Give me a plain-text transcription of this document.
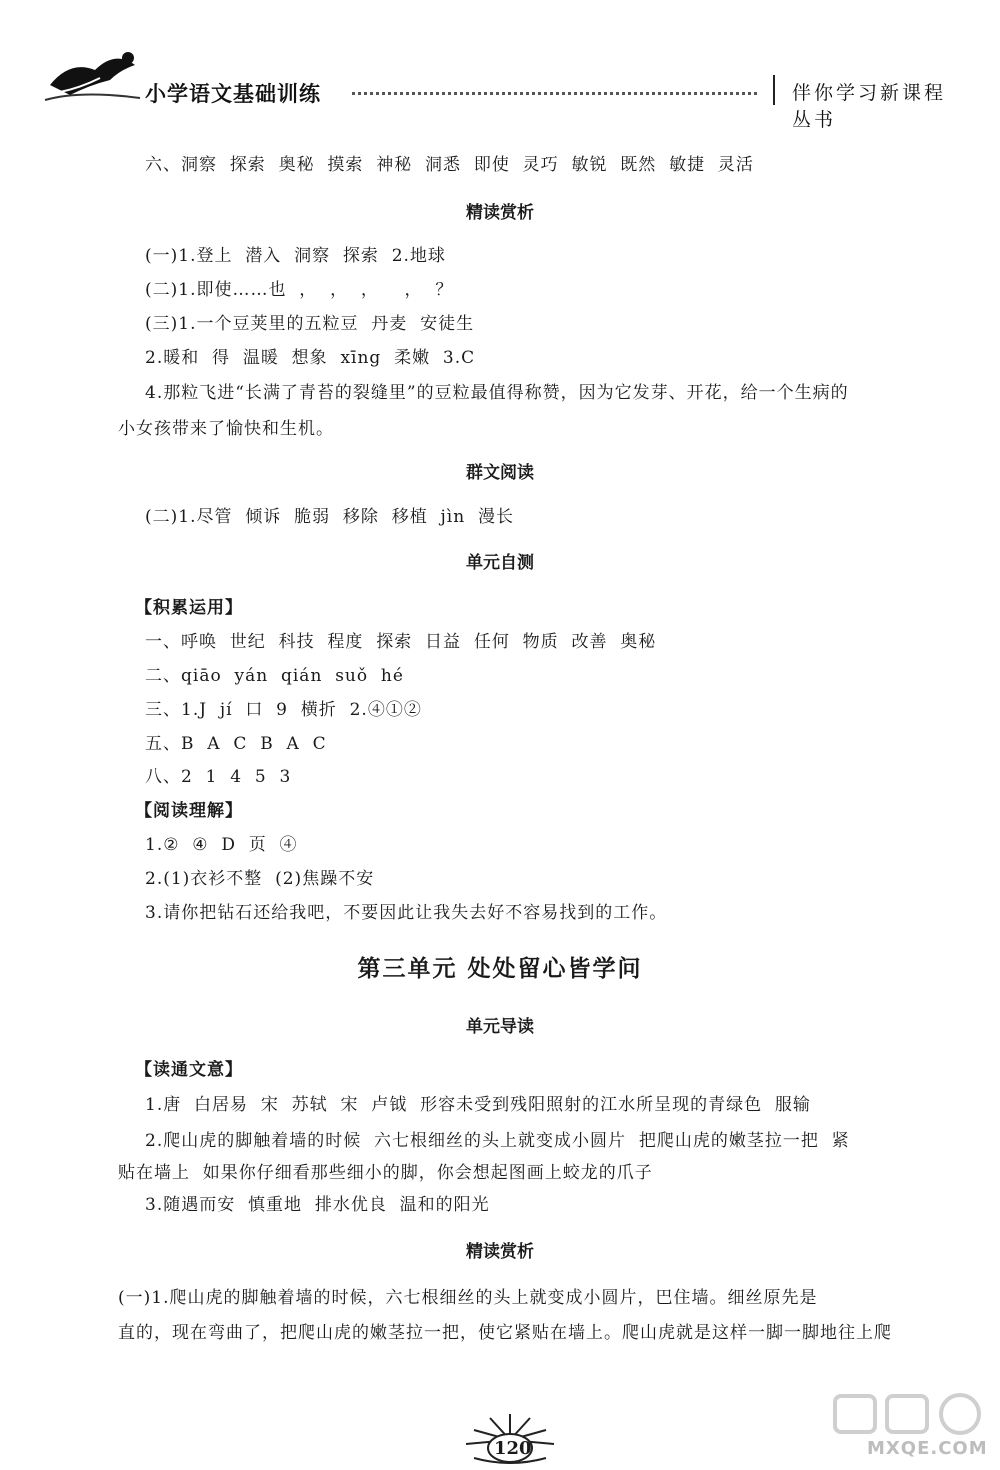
小学语文基础训练	伴你学习新课程丛书
六、洞察  探索  奥秘  摸索  神秘  洞悉  即使  灵巧  敏锐  既然  敏捷  灵活
精读赏析
(一)1.登上  潜入  洞察  探索  2.地球
(二)1.即使……也  ，  ，  ，    ，  ？
(三)1.一个豆荚里的五粒豆  丹麦  安徒生
2.暖和  得  温暖  想象  xīng  柔嫩  3.C
4.那粒飞进“长满了青苔的裂缝里”的豆粒最值得称赞，因为它发芽、开花，给一个生病的
小女孩带来了愉快和生机。
群文阅读
(二)1.尽管  倾诉  脆弱  移除  移植  jìn  漫长
单元自测
【积累运用】
一、呼唤  世纪  科技  程度  探索  日益  任何  物质  改善  奥秘
二、qiāo  yán  qián  suǒ  hé
三、1.J  jí  口  9  横折  2.④①②
五、B  A  C  B  A  C
八、2  1  4  5  3
【阅读理解】
1.②  ④  D  页  ④
2.(1)衣衫不整  (2)焦躁不安
3.请你把钻石还给我吧，不要因此让我失去好不容易找到的工作。
第三单元 处处留心皆学问
单元导读
【读通文意】
1.唐  白居易  宋  苏轼  宋  卢钺  形容未受到残阳照射的江水所呈现的青绿色  服输
2.爬山虎的脚触着墙的时候  六七根细丝的头上就变成小圆片  把爬山虎的嫩茎拉一把  紧
贴在墙上  如果你仔细看那些细小的脚，你会想起图画上蛟龙的爪子
3.随遇而安  慎重地  排水优良  温和的阳光
精读赏析
(一)1.爬山虎的脚触着墙的时候，六七根细丝的头上就变成小圆片，巴住墙。细丝原先是
直的，现在弯曲了，把爬山虎的嫩茎拉一把，使它紧贴在墙上。爬山虎就是这样一脚一脚地往上爬
120	MXQE.COM
